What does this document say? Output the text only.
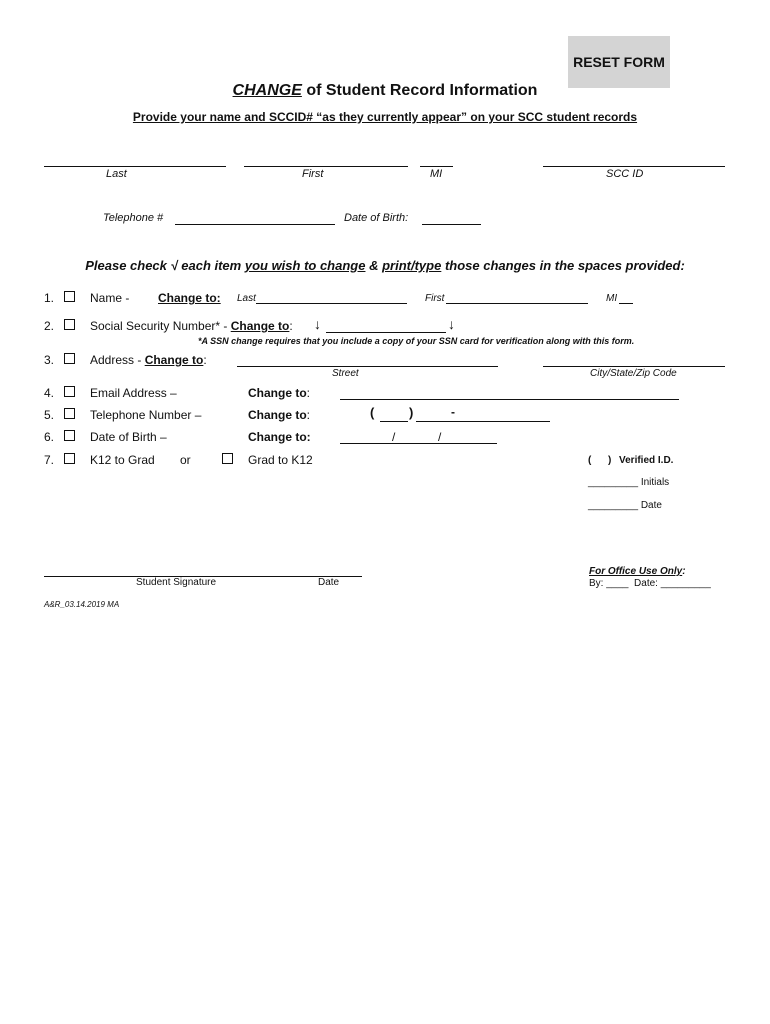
RESET FORM
CHANGE of Student Record Information
Provide your name and SCCID# “as they currently appear” on your SCC student records
Last	First	MI	SCC ID
Telephone #	Date of Birth:
Please check √ each item you wish to change & print/type those changes in the spaces provided:
1.	Name - Change to: Last	First	MI
2.	Social Security Number* - Change to: ↓	↓
*A SSN change requires that you include a copy of your SSN card for verification along with this form.
3.	Address - Change to:
Street	City/State/Zip Code
4.	Email Address –	Change to:
5.	Telephone Number –	Change to:	(	)	-
6.	Date of Birth –	Change to:	/	/
7.	K12 to Grad or	Grad to K12	( ) Verified I.D.
_________ Initials
_________ Date
Student Signature	Date
For Office Use Only:
By: ____  Date: _________
A&R_03.14.2019 MA
